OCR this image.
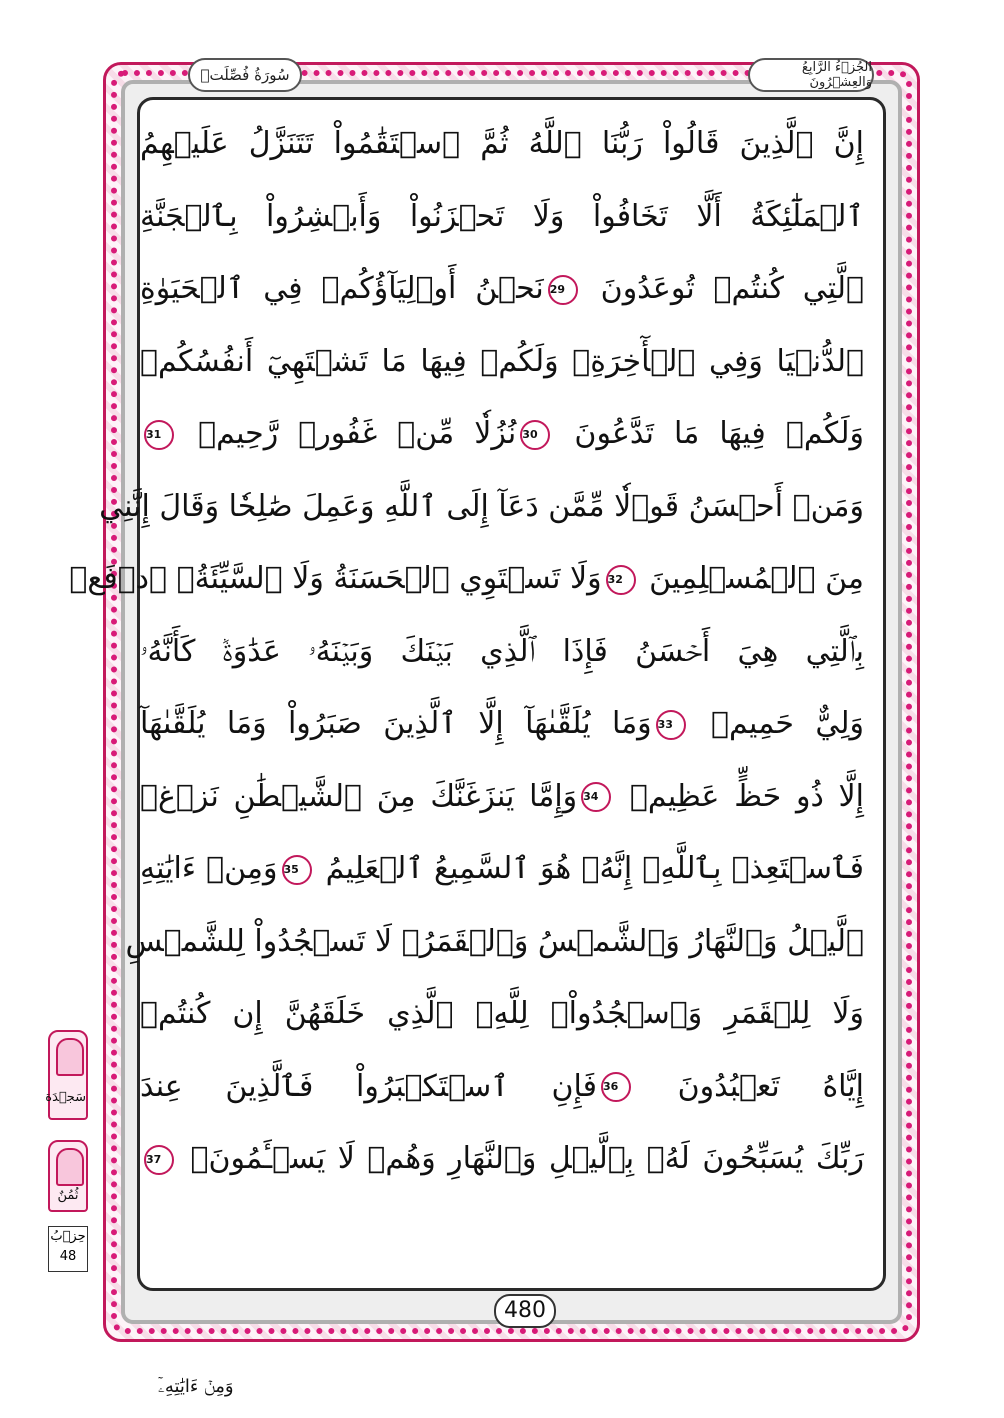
سُورَةُ فُصِّلَتۡ	الجُزۡءُ الرَّابِعُ وَالعِشۡرُونَ
إِنَّ ٱلَّذِينَ قَالُواْ رَبُّنَا ٱللَّهُ ثُمَّ ٱسۡتَقَٰمُواْ تَتَنَزَّلُ عَلَيۡهِمُ
ٱلۡمَلَٰٓئِكَةُ أَلَّا تَخَافُواْ وَلَا تَحۡزَنُواْ وَأَبۡشِرُواْ بِٱلۡجَنَّةِ
ٱلَّتِي كُنتُمۡ تُوعَدُونَ 29نَحۡنُ أَوۡلِيَآؤُكُمۡ فِي ٱلۡحَيَوٰةِ
ٱلدُّنۡيَا وَفِي ٱلۡأٓخِرَةِۖ وَلَكُمۡ فِيهَا مَا تَشۡتَهِيٓ أَنفُسُكُمۡ
وَلَكُمۡ فِيهَا مَا تَدَّعُونَ 30نُزُلٗا مِّنۡ غَفُورٖ رَّحِيمٖ 31
وَمَنۡ أَحۡسَنُ قَوۡلٗا مِّمَّن دَعَآ إِلَى ٱللَّهِ وَعَمِلَ صَٰلِحٗا وَقَالَ إِنَّنِي
مِنَ ٱلۡمُسۡلِمِينَ 32وَلَا تَسۡتَوِي ٱلۡحَسَنَةُ وَلَا ٱلسَّيِّئَةُۚ ٱدۡفَعۡ
بِٱلَّتِي هِيَ أَحۡسَنُ فَإِذَا ٱلَّذِي بَيۡنَكَ وَبَيۡنَهُۥ عَدَٰوَةٞ كَأَنَّهُۥ
وَلِيٌّ حَمِيمٞ 33وَمَا يُلَقَّىٰهَآ إِلَّا ٱلَّذِينَ صَبَرُواْ وَمَا يُلَقَّىٰهَآ
إِلَّا ذُو حَظٍّ عَظِيمٖ 34وَإِمَّا يَنزَغَنَّكَ مِنَ ٱلشَّيۡطَٰنِ نَزۡغٞ
فَٱسۡتَعِذۡ بِٱللَّهِۖ إِنَّهُۥ هُوَ ٱلسَّمِيعُ ٱلۡعَلِيمُ 35وَمِنۡ ءَايَٰتِهِ
ٱلَّيۡلُ وَٱلنَّهَارُ وَٱلشَّمۡسُ وَٱلۡقَمَرُۚ لَا تَسۡجُدُواْ لِلشَّمۡسِ
وَلَا لِلۡقَمَرِ وَٱسۡجُدُواْۤ لِلَّهِۤ ٱلَّذِي خَلَقَهُنَّ إِن كُنتُمۡ
إِيَّاهُ تَعۡبُدُونَ 36فَإِنِ ٱسۡتَكۡبَرُواْ فَٱلَّذِينَ عِندَ
رَبِّكَ يُسَبِّحُونَ لَهُۥ بِٱلَّيۡلِ وَٱلنَّهَارِ وَهُمۡ لَا يَسۡـَٔمُونَۤ 37
480
سَجۡدَة
ثُمُنٌ
حِزۡبُ
48
وَمِنۡ ءَايَٰتِهِۦٓ
